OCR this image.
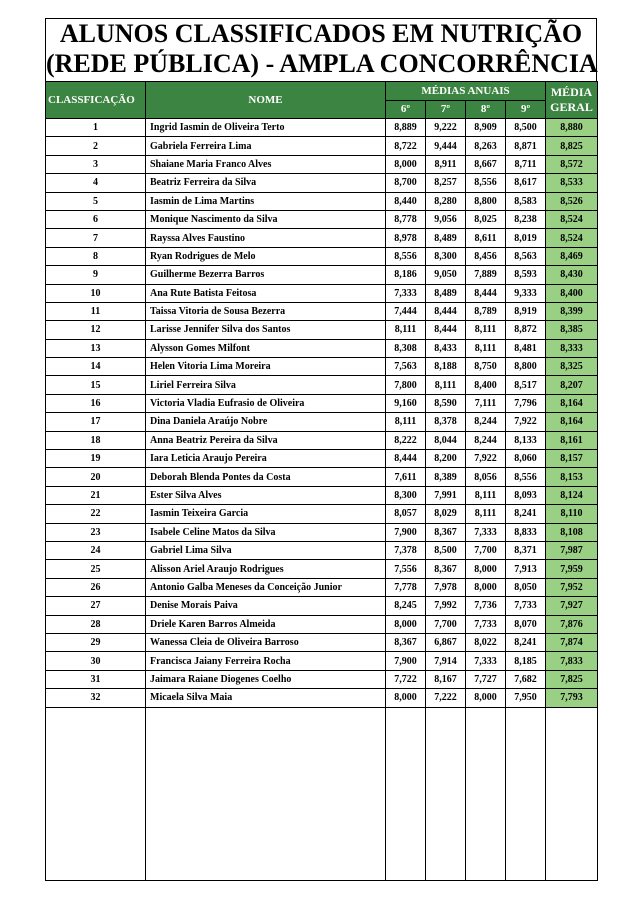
ALUNOS CLASSIFICADOS EM NUTRIÇÃO
(REDE PÚBLICA) - AMPLA CONCORRÊNCIA
CLASSFICAÇÃO	NOME	MÉDIAS ANUAIS				MÉDIA
GERAL

		6º	7º	8º	9º	
1	Ingrid Iasmin de Oliveira Terto	8,889	9,222	8,909	8,500	8,880
2	Gabriela Ferreira Lima	8,722	9,444	8,263	8,871	8,825
3	Shaiane Maria Franco Alves	8,000	8,911	8,667	8,711	8,572
4	Beatriz Ferreira da Silva	8,700	8,257	8,556	8,617	8,533
5	Iasmin de Lima Martins	8,440	8,280	8,800	8,583	8,526
6	Monique Nascimento da Silva	8,778	9,056	8,025	8,238	8,524
7	Rayssa Alves Faustino	8,978	8,489	8,611	8,019	8,524
8	Ryan Rodrigues de Melo	8,556	8,300	8,456	8,563	8,469
9	Guilherme Bezerra Barros	8,186	9,050	7,889	8,593	8,430
10	Ana Rute Batista Feitosa	7,333	8,489	8,444	9,333	8,400
11	Taissa Vitoria de Sousa Bezerra	7,444	8,444	8,789	8,919	8,399
12	Larisse Jennifer Silva dos Santos	8,111	8,444	8,111	8,872	8,385
13	Alysson Gomes Milfont	8,308	8,433	8,111	8,481	8,333
14	Helen Vitoria Lima Moreira	7,563	8,188	8,750	8,800	8,325
15	Liriel Ferreira Silva	7,800	8,111	8,400	8,517	8,207
16	Victoria Vladia Eufrasio de Oliveira	9,160	8,590	7,111	7,796	8,164
17	Dina Daniela Araújo Nobre	8,111	8,378	8,244	7,922	8,164
18	Anna Beatriz Pereira da Silva	8,222	8,044	8,244	8,133	8,161
19	Iara Leticia Araujo Pereira	8,444	8,200	7,922	8,060	8,157
20	Deborah Blenda Pontes da Costa	7,611	8,389	8,056	8,556	8,153
21	Ester Silva Alves	8,300	7,991	8,111	8,093	8,124
22	Iasmin Teixeira Garcia	8,057	8,029	8,111	8,241	8,110
23	Isabele Celine Matos da Silva	7,900	8,367	7,333	8,833	8,108
24	Gabriel Lima Silva	7,378	8,500	7,700	8,371	7,987
25	Alisson Ariel Araujo Rodrigues	7,556	8,367	8,000	7,913	7,959
26	Antonio Galba Meneses da Conceição Junior	7,778	7,978	8,000	8,050	7,952
27	Denise Morais Paiva	8,245	7,992	7,736	7,733	7,927
28	Driele Karen Barros Almeida	8,000	7,700	7,733	8,070	7,876
29	Wanessa Cleia de Oliveira Barroso	8,367	6,867	8,022	8,241	7,874
30	Francisca Jaiany Ferreira Rocha	7,900	7,914	7,333	8,185	7,833
31	Jaimara Raiane Diogenes Coelho	7,722	8,167	7,727	7,682	7,825
32	Micaela Silva Maia	8,000	7,222	8,000	7,950	7,793
